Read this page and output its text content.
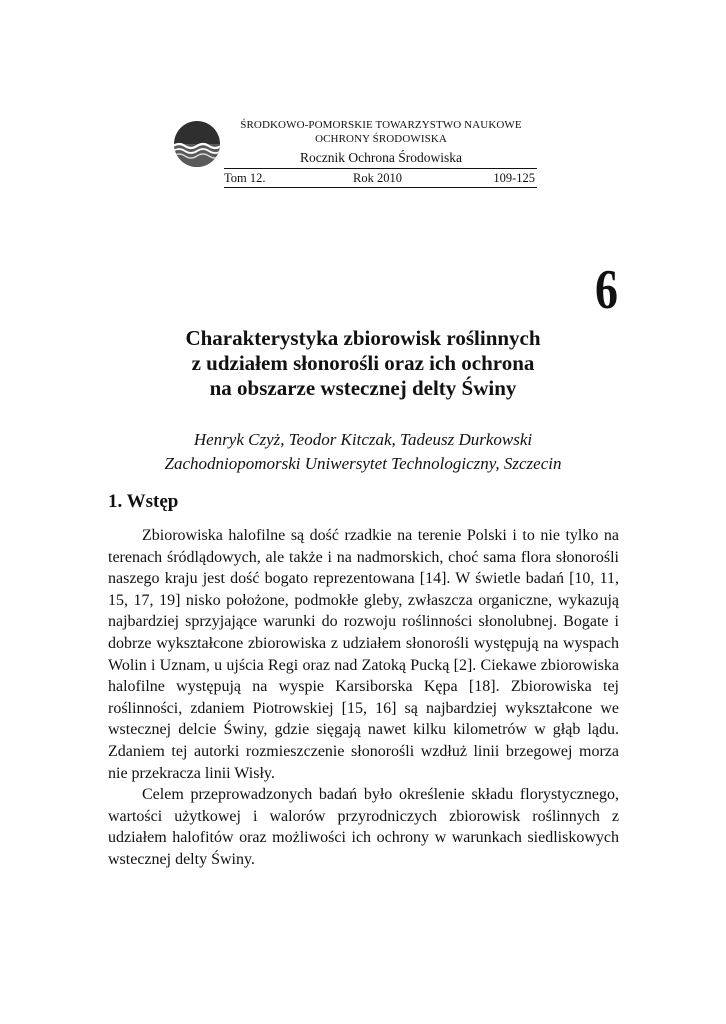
ŚRODKOWO-POMORSKIE TOWARZYSTWO NAUKOWE
OCHRONY ŚRODOWISKA
Rocznik Ochrona Środowiska
Tom 12.	Rok 2010	109-125
6
Charakterystyka zbiorowisk roślinnych
z udziałem słonorośli oraz ich ochrona
na obszarze wstecznej delty Świny
Henryk Czyż, Teodor Kitczak, Tadeusz Durkowski
Zachodniopomorski Uniwersytet Technologiczny, Szczecin
1. Wstęp

Zbiorowiska halofilne są dość rzadkie na terenie Polski i to nie tylko na terenach śródlądowych, ale także i na nadmorskich, choć sama flora słonorośli naszego kraju jest dość bogato reprezentowana [14]. W świetle badań [10, 11, 15, 17, 19] nisko położone, podmokłe gleby, zwłaszcza organiczne, wykazują najbardziej sprzyjające warunki do rozwoju roślinności słonolubnej. Bogate i dobrze wykształcone zbiorowiska z udziałem słonorośli występują na wyspach Wolin i Uznam, u ujścia Regi oraz nad Zatoką Pucką [2]. Ciekawe zbiorowiska halofilne występują na wyspie Karsiborska Kępa [18]. Zbiorowiska tej roślinności, zdaniem Piotrowskiej [15, 16] są najbardziej wykształcone we wstecznej delcie Świny, gdzie sięgają nawet kilku kilometrów w głąb lądu. Zdaniem tej autorki rozmieszczenie słonorośli wzdłuż linii brzegowej morza nie przekracza linii Wisły.

Celem przeprowadzonych badań było określenie składu florystycznego, wartości użytkowej i walorów przyrodniczych zbiorowisk roślinnych z udziałem halofitów oraz możliwości ich ochrony w warunkach siedliskowych wstecznej delty Świny.
